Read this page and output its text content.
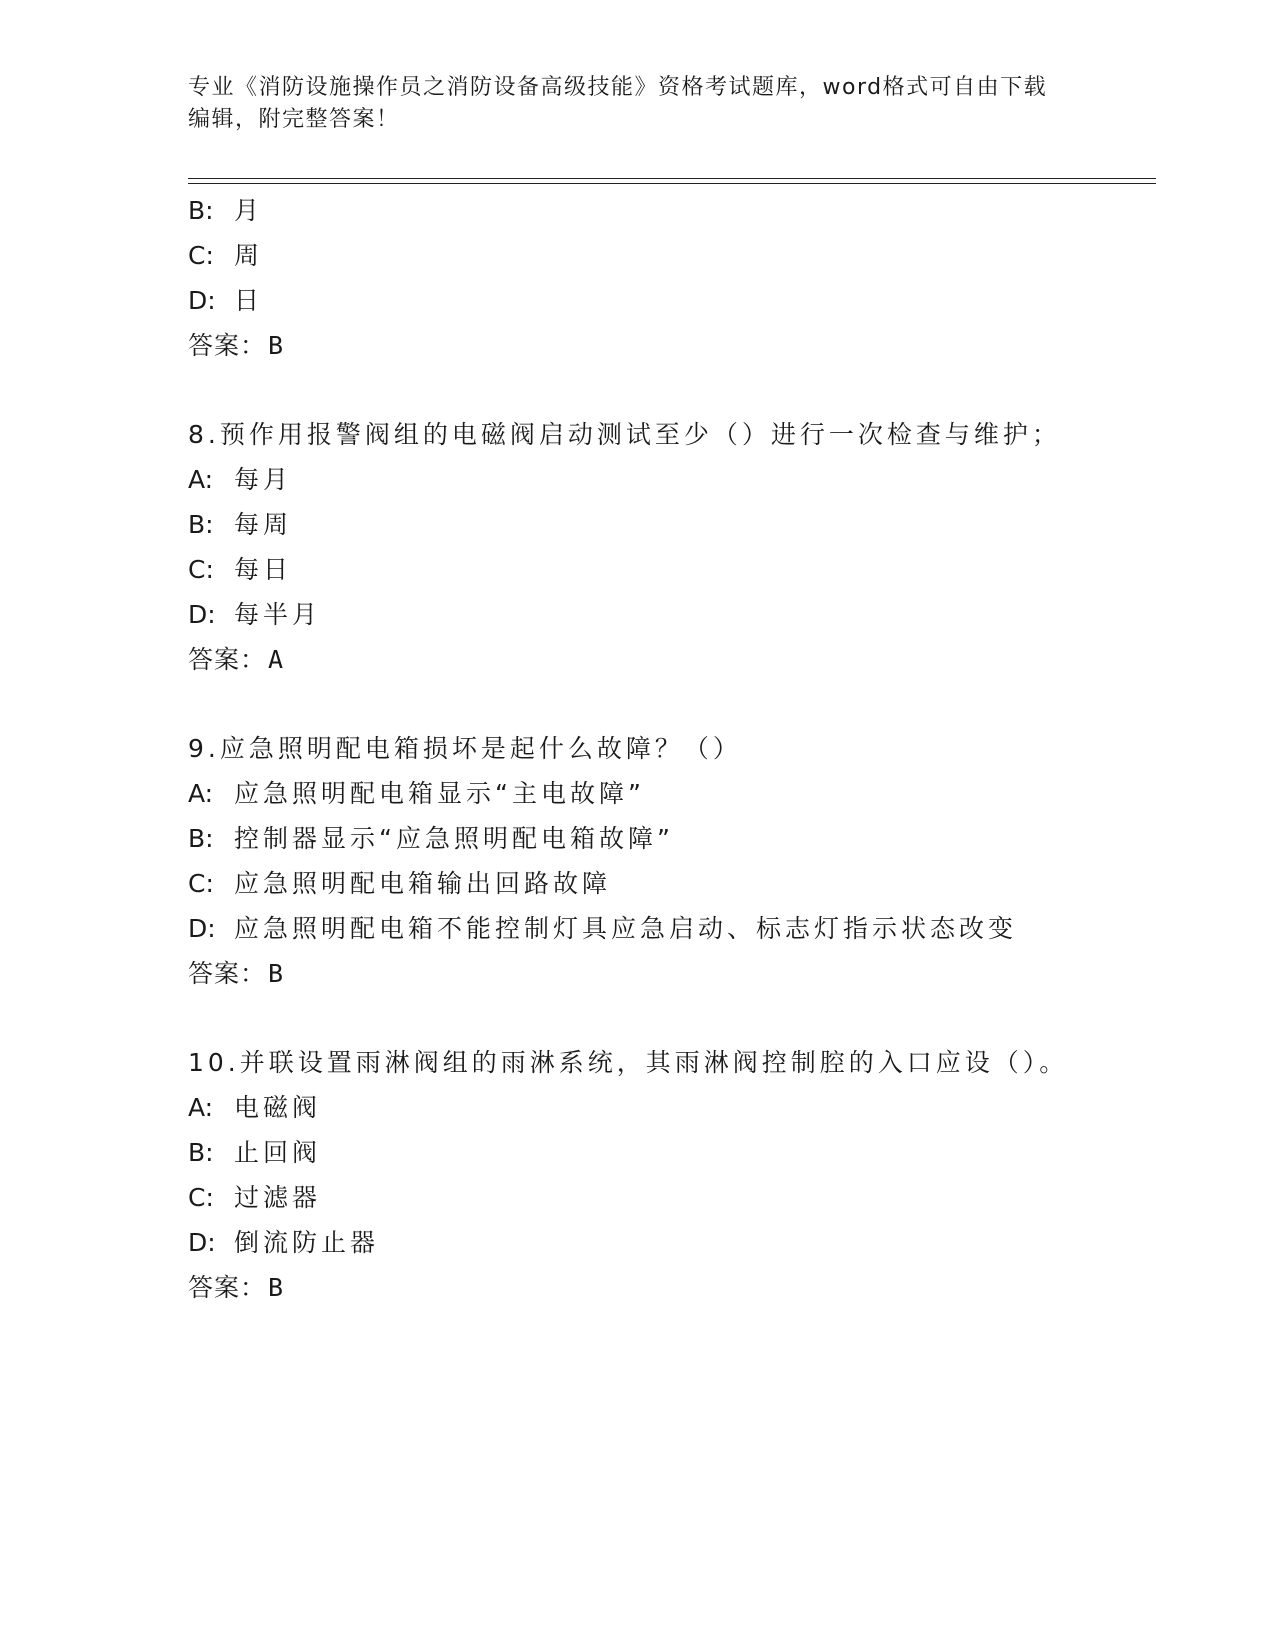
专业《消防设施操作员之消防设备高级技能》资格考试题库，word格式可自由下载编辑，附完整答案！
B: 月
C: 周
D: 日
答案：B
8.预作用报警阀组的电磁阀启动测试至少（）进行一次检查与维护；
A: 每月
B: 每周
C: 每日
D: 每半月
答案：A
9.应急照明配电箱损坏是起什么故障？（）
A: 应急照明配电箱显示“主电故障”
B: 控制器显示“应急照明配电箱故障”
C: 应急照明配电箱输出回路故障
D: 应急照明配电箱不能控制灯具应急启动、标志灯指示状态改变
答案：B
10.并联设置雨淋阀组的雨淋系统，其雨淋阀控制腔的入口应设（）。
A: 电磁阀
B: 止回阀
C: 过滤器
D: 倒流防止器
答案：B
